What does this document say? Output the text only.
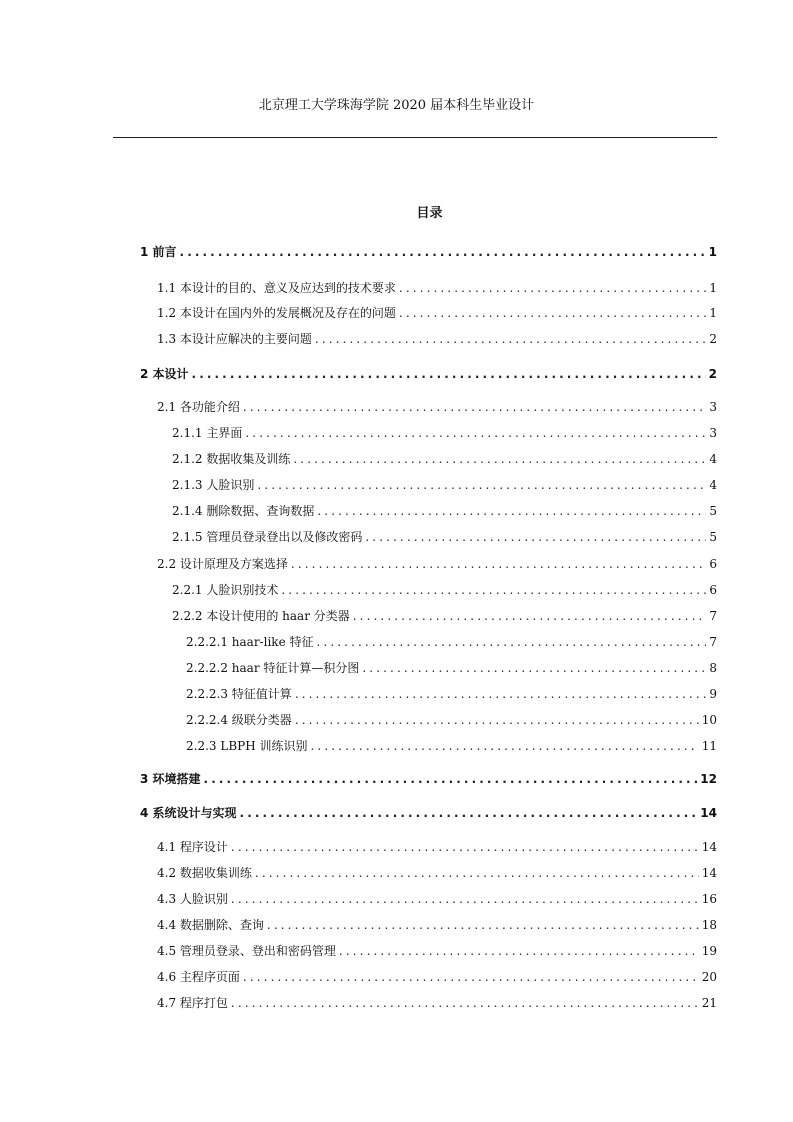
北京理工大学珠海学院 2020 届本科生毕业设计
目录
1 前言 .....	1
1.1 本设计的目的、意义及应达到的技术要求 .....	1
1.2 本设计在国内外的发展概况及存在的问题 .....	1
1.3 本设计应解决的主要问题 .....	2
2 本设计 .....	2
2.1 各功能介绍 .....	3
2.1.1 主界面 .....	3
2.1.2 数据收集及训练 .....	4
2.1.3 人脸识别 .....	4
2.1.4 删除数据、查询数据 .....	5
2.1.5 管理员登录登出以及修改密码 .....	5
2.2 设计原理及方案选择 .....	6
2.2.1 人脸识别技术 .....	6
2.2.2 本设计使用的 haar 分类器 .....	7
2.2.2.1 haar-like 特征 .....	7
2.2.2.2 haar 特征计算—积分图 .....	8
2.2.2.3 特征值计算 .....	9
2.2.2.4 级联分类器 .....	10
2.2.3 LBPH 训练识别 .....	11
3 环境搭建 .....	12
4 系统设计与实现 .....	14
4.1 程序设计 .....	14
4.2 数据收集训练 .....	14
4.3 人脸识别 .....	16
4.4 数据删除、查询 .....	18
4.5 管理员登录、登出和密码管理 .....	19
4.6 主程序页面 .....	20
4.7 程序打包 .....	21
